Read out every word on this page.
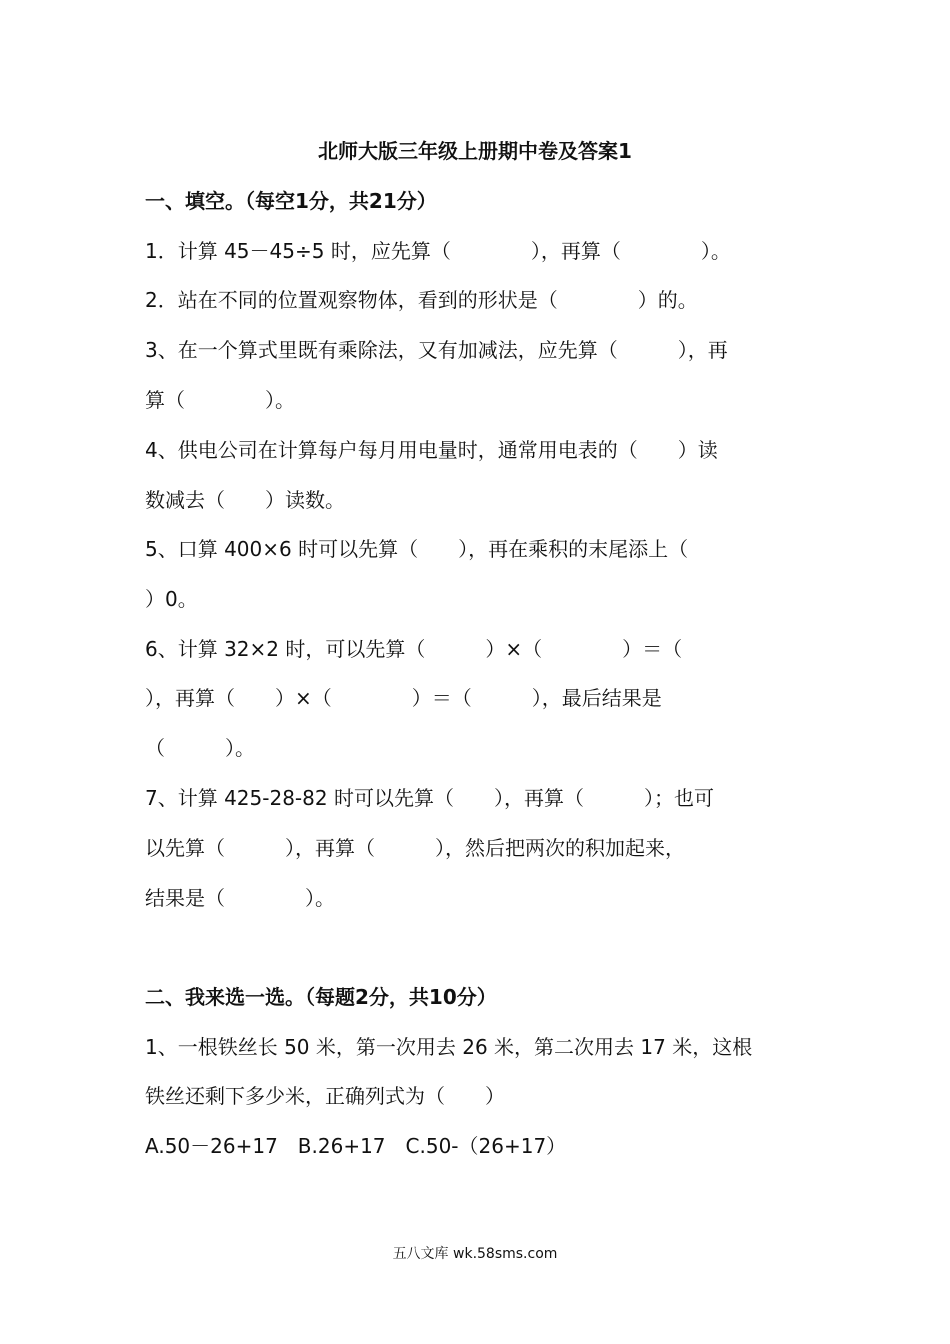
北师大版三年级上册期中卷及答案1
一、填空。（每空1分，共21分）
1．计算 45－45÷5 时，应先算（　　　　），再算（　　　　）。
2．站在不同的位置观察物体，看到的形状是（　　　　）的。
3、在一个算式里既有乘除法，又有加减法，应先算（　　　），再
算（　　　　）。
4、供电公司在计算每户每月用电量时，通常用电表的（　　）读
数减去（　　）读数。
5、口算 400×6 时可以先算（　　），再在乘积的末尾添上（
）0。
6、计算 32×2 时，可以先算（　　　）×（　　　　）＝（
），再算（　　）×（　　　　）＝（　　　），最后结果是
（　　　）。
7、计算 425-28-82 时可以先算（　　），再算（　　　）；也可
以先算（　　　），再算（　　　），然后把两次的积加起来，
结果是（　　　　）。
二、我来选一选。（每题2分，共10分）
1、一根铁丝长 50 米，第一次用去 26 米，第二次用去 17 米，这根
铁丝还剩下多少米，正确列式为（　　）
A.50－26+17　B.26+17　C.50-（26+17）
五八文库 wk.58sms.com
